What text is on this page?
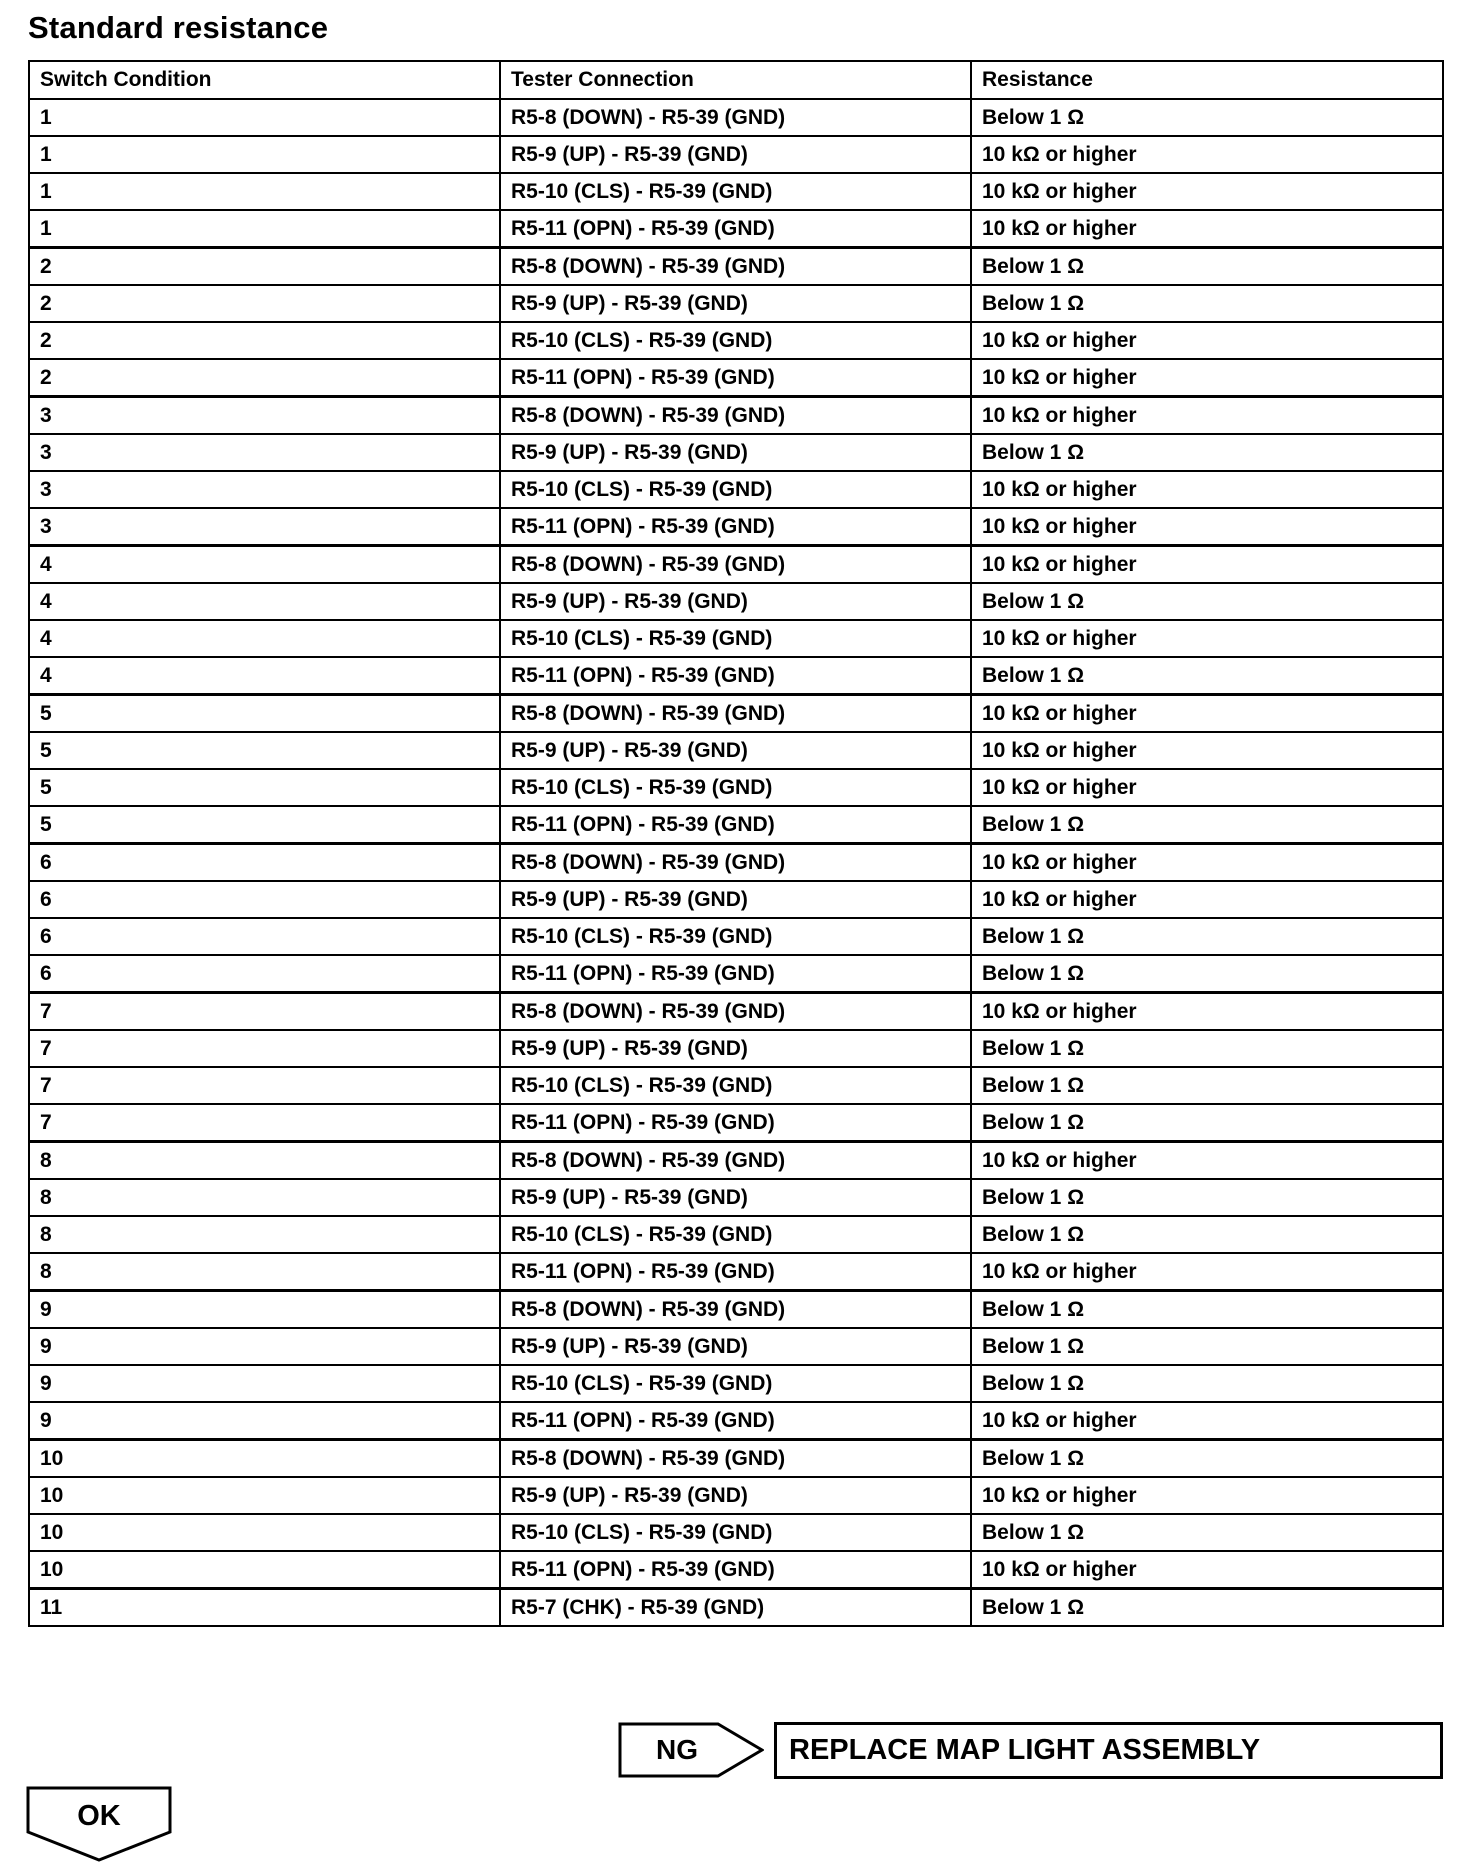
Standard resistance
Switch Condition	Tester Connection	Resistance
1	R5-8 (DOWN) - R5-39 (GND)	Below 1 Ω
1	R5-9 (UP) - R5-39 (GND)	10 kΩ or higher
1	R5-10 (CLS) - R5-39 (GND)	10 kΩ or higher
1	R5-11 (OPN) - R5-39 (GND)	10 kΩ or higher
2	R5-8 (DOWN) - R5-39 (GND)	Below 1 Ω
2	R5-9 (UP) - R5-39 (GND)	Below 1 Ω
2	R5-10 (CLS) - R5-39 (GND)	10 kΩ or higher
2	R5-11 (OPN) - R5-39 (GND)	10 kΩ or higher
3	R5-8 (DOWN) - R5-39 (GND)	10 kΩ or higher
3	R5-9 (UP) - R5-39 (GND)	Below 1 Ω
3	R5-10 (CLS) - R5-39 (GND)	10 kΩ or higher
3	R5-11 (OPN) - R5-39 (GND)	10 kΩ or higher
4	R5-8 (DOWN) - R5-39 (GND)	10 kΩ or higher
4	R5-9 (UP) - R5-39 (GND)	Below 1 Ω
4	R5-10 (CLS) - R5-39 (GND)	10 kΩ or higher
4	R5-11 (OPN) - R5-39 (GND)	Below 1 Ω
5	R5-8 (DOWN) - R5-39 (GND)	10 kΩ or higher
5	R5-9 (UP) - R5-39 (GND)	10 kΩ or higher
5	R5-10 (CLS) - R5-39 (GND)	10 kΩ or higher
5	R5-11 (OPN) - R5-39 (GND)	Below 1 Ω
6	R5-8 (DOWN) - R5-39 (GND)	10 kΩ or higher
6	R5-9 (UP) - R5-39 (GND)	10 kΩ or higher
6	R5-10 (CLS) - R5-39 (GND)	Below 1 Ω
6	R5-11 (OPN) - R5-39 (GND)	Below 1 Ω
7	R5-8 (DOWN) - R5-39 (GND)	10 kΩ or higher
7	R5-9 (UP) - R5-39 (GND)	Below 1 Ω
7	R5-10 (CLS) - R5-39 (GND)	Below 1 Ω
7	R5-11 (OPN) - R5-39 (GND)	Below 1 Ω
8	R5-8 (DOWN) - R5-39 (GND)	10 kΩ or higher
8	R5-9 (UP) - R5-39 (GND)	Below 1 Ω
8	R5-10 (CLS) - R5-39 (GND)	Below 1 Ω
8	R5-11 (OPN) - R5-39 (GND)	10 kΩ or higher
9	R5-8 (DOWN) - R5-39 (GND)	Below 1 Ω
9	R5-9 (UP) - R5-39 (GND)	Below 1 Ω
9	R5-10 (CLS) - R5-39 (GND)	Below 1 Ω
9	R5-11 (OPN) - R5-39 (GND)	10 kΩ or higher
10	R5-8 (DOWN) - R5-39 (GND)	Below 1 Ω
10	R5-9 (UP) - R5-39 (GND)	10 kΩ or higher
10	R5-10 (CLS) - R5-39 (GND)	Below 1 Ω
10	R5-11 (OPN) - R5-39 (GND)	10 kΩ or higher
11	R5-7 (CHK) - R5-39 (GND)	Below 1 Ω
NG	REPLACE MAP LIGHT ASSEMBLY
OK
